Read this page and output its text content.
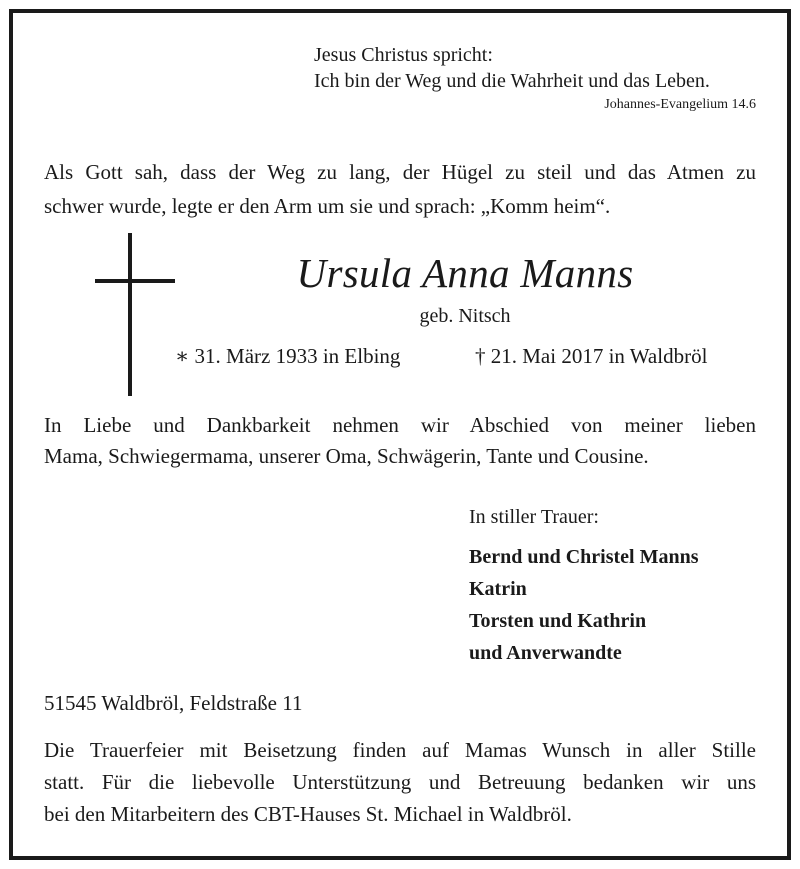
Jesus Christus spricht:
Ich bin der Weg und die Wahrheit und das Leben.
Johannes-Evangelium 14.6
Als Gott sah, dass der Weg zu lang, der Hügel zu steil und das Atmen zu
schwer wurde, legte er den Arm um sie und sprach: „Komm heim“.
Ursula Anna Manns
geb. Nitsch
∗ 31. März 1933 in Elbing	† 21. Mai 2017 in Waldbröl
In Liebe und Dankbarkeit nehmen wir Abschied von meiner lieben
Mama, Schwiegermama, unserer Oma, Schwägerin, Tante und Cousine.
In stiller Trauer:
Bernd und Christel Manns
Katrin
Torsten und Kathrin
und Anverwandte
51545 Waldbröl, Feldstraße 11
Die Trauerfeier mit Beisetzung finden auf Mamas Wunsch in aller Stille
statt. Für die liebevolle Unterstützung und Betreuung bedanken wir uns
bei den Mitarbeitern des CBT-Hauses St. Michael in Waldbröl.
